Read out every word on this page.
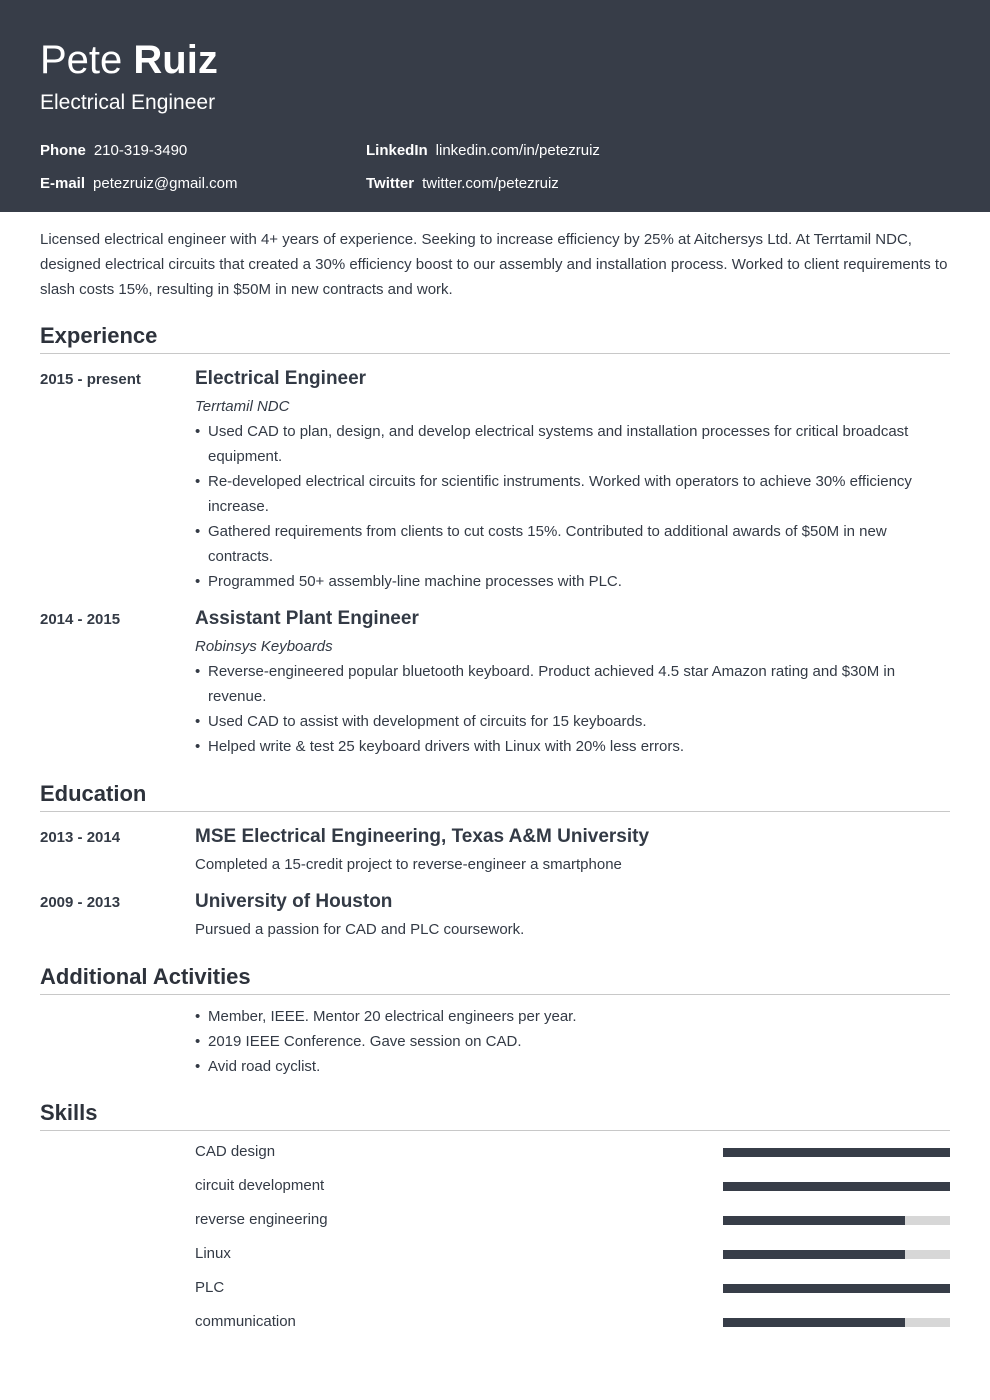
Pete Ruiz
Electrical Engineer
Phone 210-319-3490	LinkedIn linkedin.com/in/petezruiz
E-mail petezruiz@gmail.com	Twitter twitter.com/petezruiz

Licensed electrical engineer with 4+ years of experience. Seeking to increase efficiency by 25% at Aitchersys Ltd. At Terrtamil NDC, designed electrical circuits that created a 30% efficiency boost to our assembly and installation process. Worked to client requirements to slash costs 15%, resulting in $50M in new contracts and work.

Experience
2015 - present	Electrical Engineer
Terrtamil NDC
• Used CAD to plan, design, and develop electrical systems and installation processes for critical broadcast equipment.
• Re-developed electrical circuits for scientific instruments. Worked with operators to achieve 30% efficiency increase.
• Gathered requirements from clients to cut costs 15%. Contributed to additional awards of $50M in new contracts.
• Programmed 50+ assembly-line machine processes with PLC.
2014 - 2015	Assistant Plant Engineer
Robinsys Keyboards
• Reverse-engineered popular bluetooth keyboard. Product achieved 4.5 star Amazon rating and $30M in revenue.
• Used CAD to assist with development of circuits for 15 keyboards.
• Helped write & test 25 keyboard drivers with Linux with 20% less errors.
Education
2013 - 2014	MSE Electrical Engineering, Texas A&M University
Completed a 15-credit project to reverse-engineer a smartphone
2009 - 2013	University of Houston
Pursued a passion for CAD and PLC coursework.
Additional Activities
• Member, IEEE. Mentor 20 electrical engineers per year.
• 2019 IEEE Conference. Gave session on CAD.
• Avid road cyclist.
Skills
CAD design
circuit development
reverse engineering
Linux
PLC
communication
